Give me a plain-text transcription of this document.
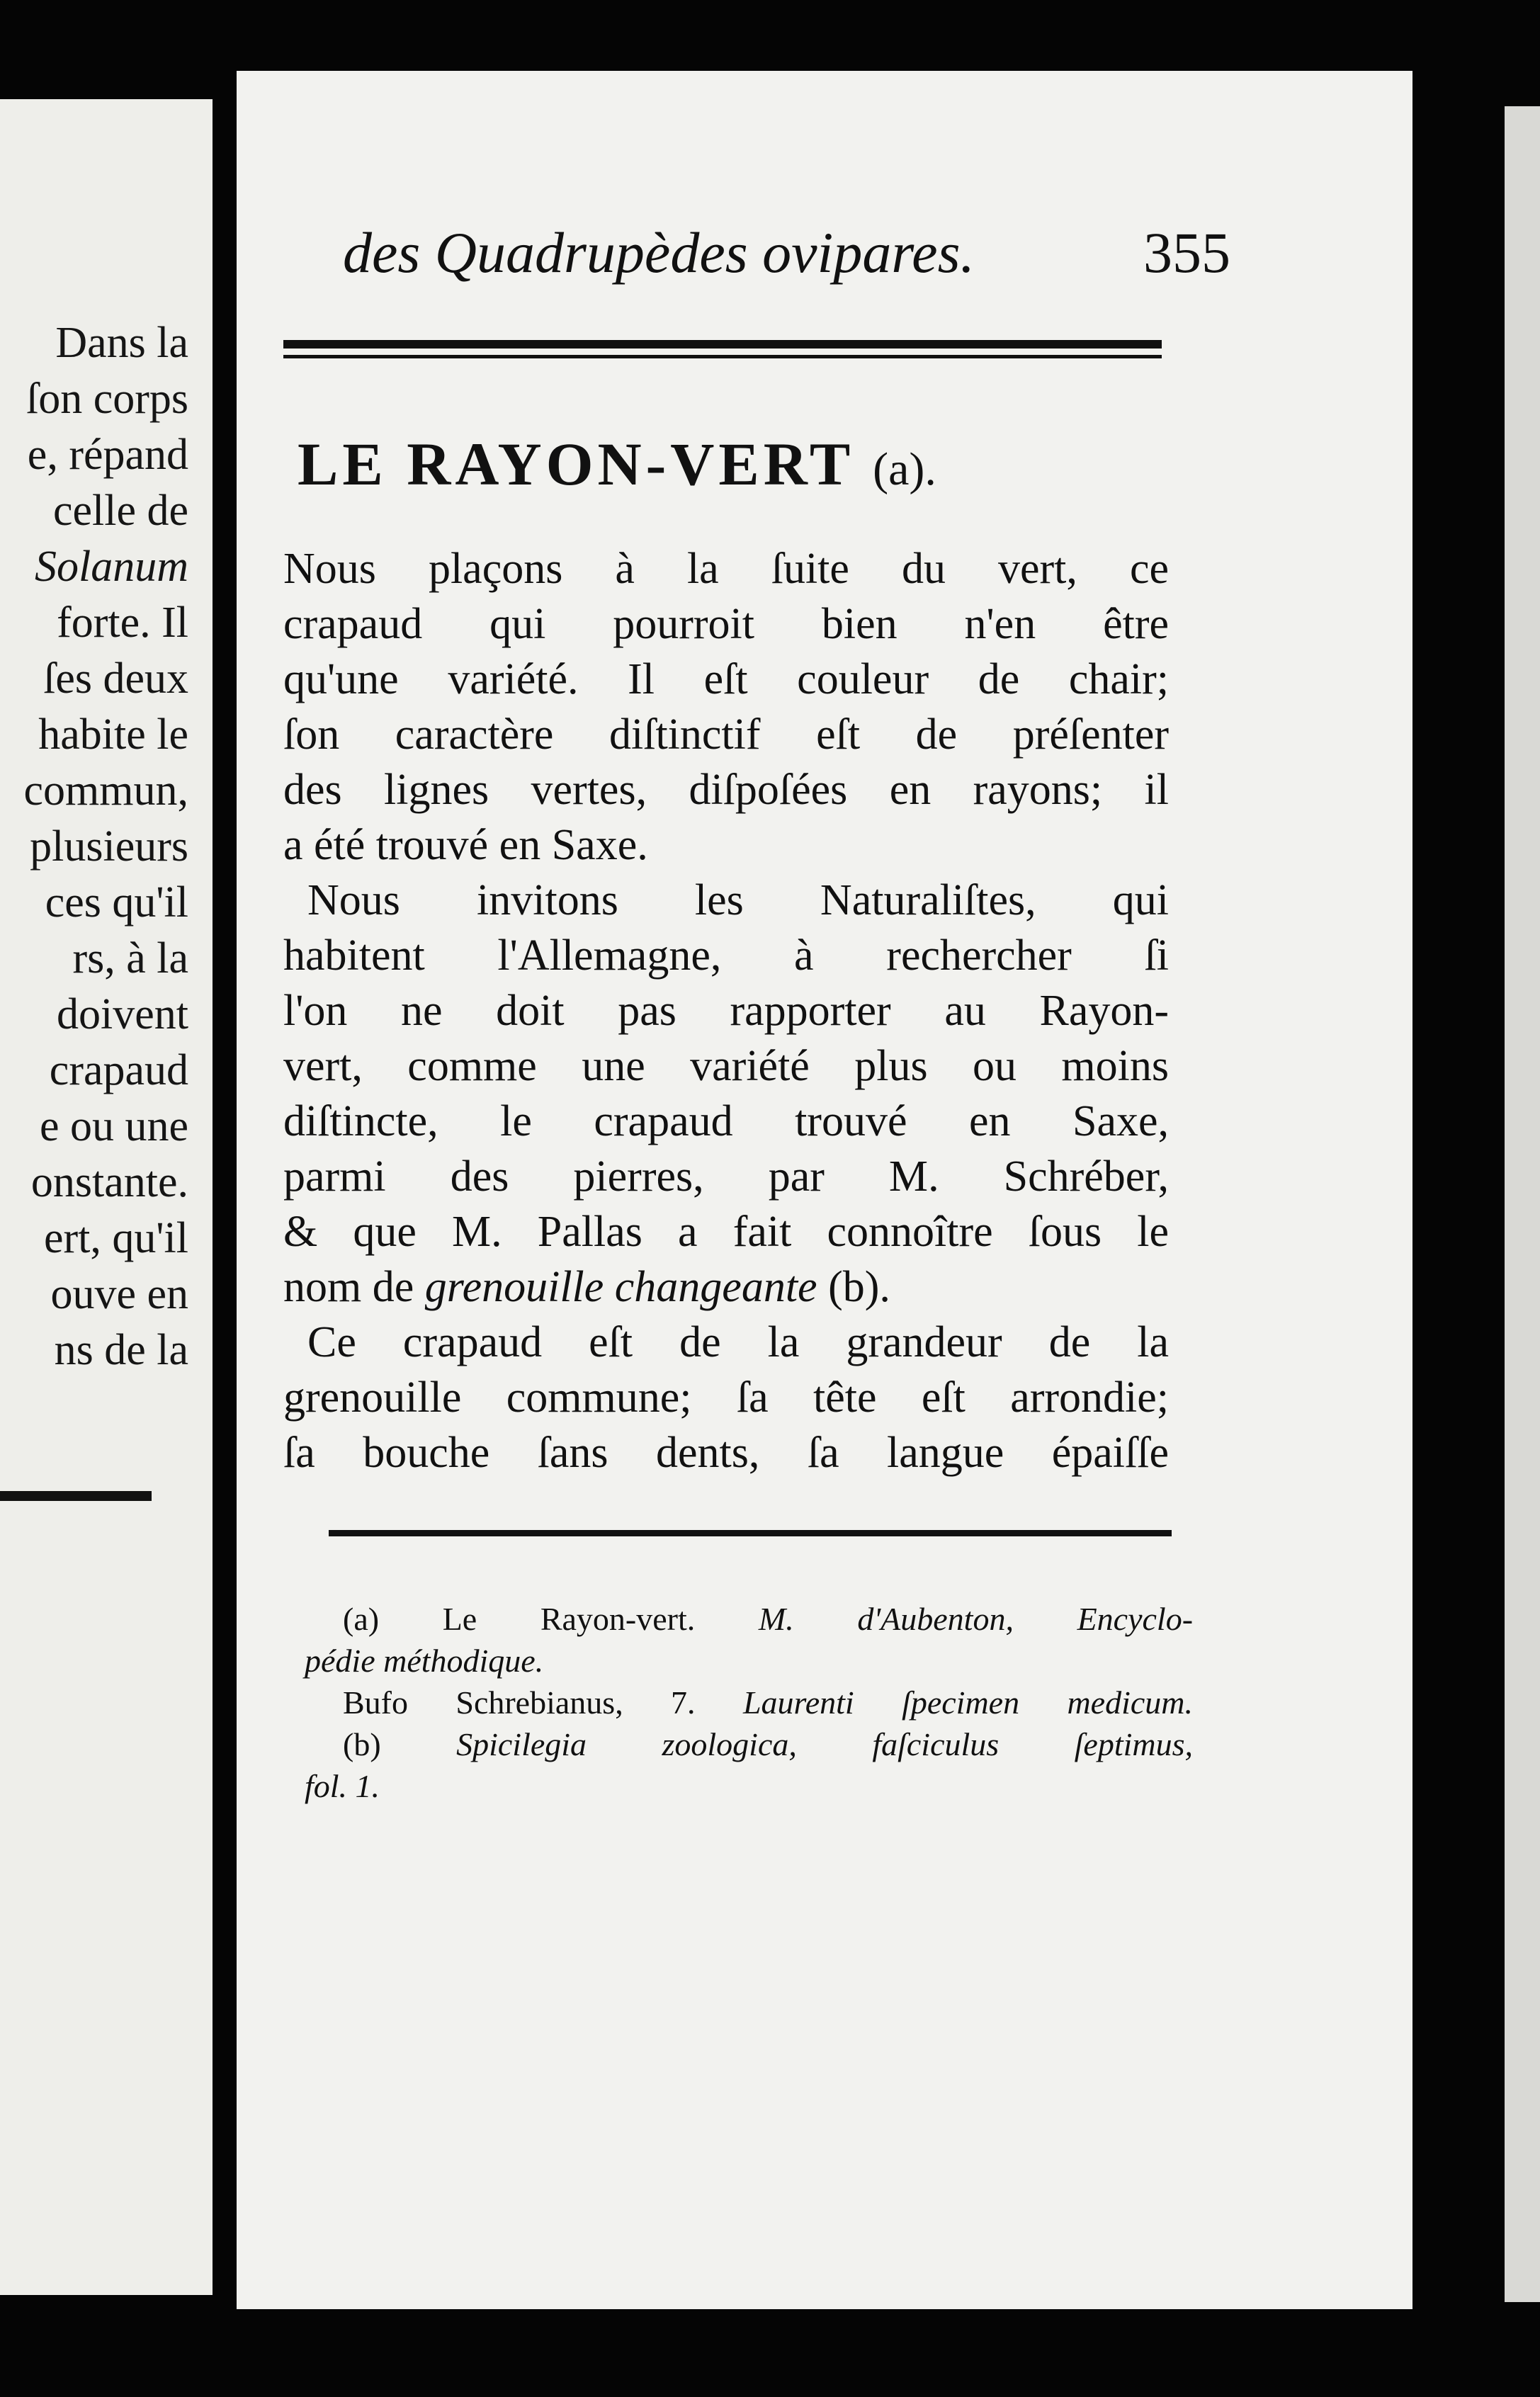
Dans la
ſon corps
e, répand
celle de
Solanum
forte. Il
ſes deux
habite le
commun,
plusieurs
ces qu'il
rs, à la
doivent
crapaud
e ou une
onstante.
ert, qu'il
ouve en
ns de la
des Quadrupèdes ovipares.	355
LE RAYON-VERT (a).
Nous plaçons à la ſuite du vert, ce
crapaud qui pourroit bien n'en être
qu'une variété. Il eſt couleur de chair;
ſon caractère diſtinctif eſt de préſenter
des lignes vertes, diſpoſées en rayons; il
a été trouvé en Saxe.
Nous invitons les Naturaliſtes, qui
habitent l'Allemagne, à rechercher ſi
l'on ne doit pas rapporter au Rayon-
vert, comme une variété plus ou moins
diſtincte, le crapaud trouvé en Saxe,
parmi des pierres, par M. Schréber,
& que M. Pallas a fait connoître ſous le
nom de grenouille changeante (b).
Ce crapaud eſt de la grandeur de la
grenouille commune; ſa tête eſt arrondie;
ſa bouche ſans dents, ſa langue épaiſſe
(a) Le Rayon-vert. M. d'Aubenton, Encyclo-
pédie méthodique.
Bufo Schrebianus, 7. Laurenti ſpecimen medicum.
(b) Spicilegia zoologica, faſciculus ſeptimus,
fol. 1.
